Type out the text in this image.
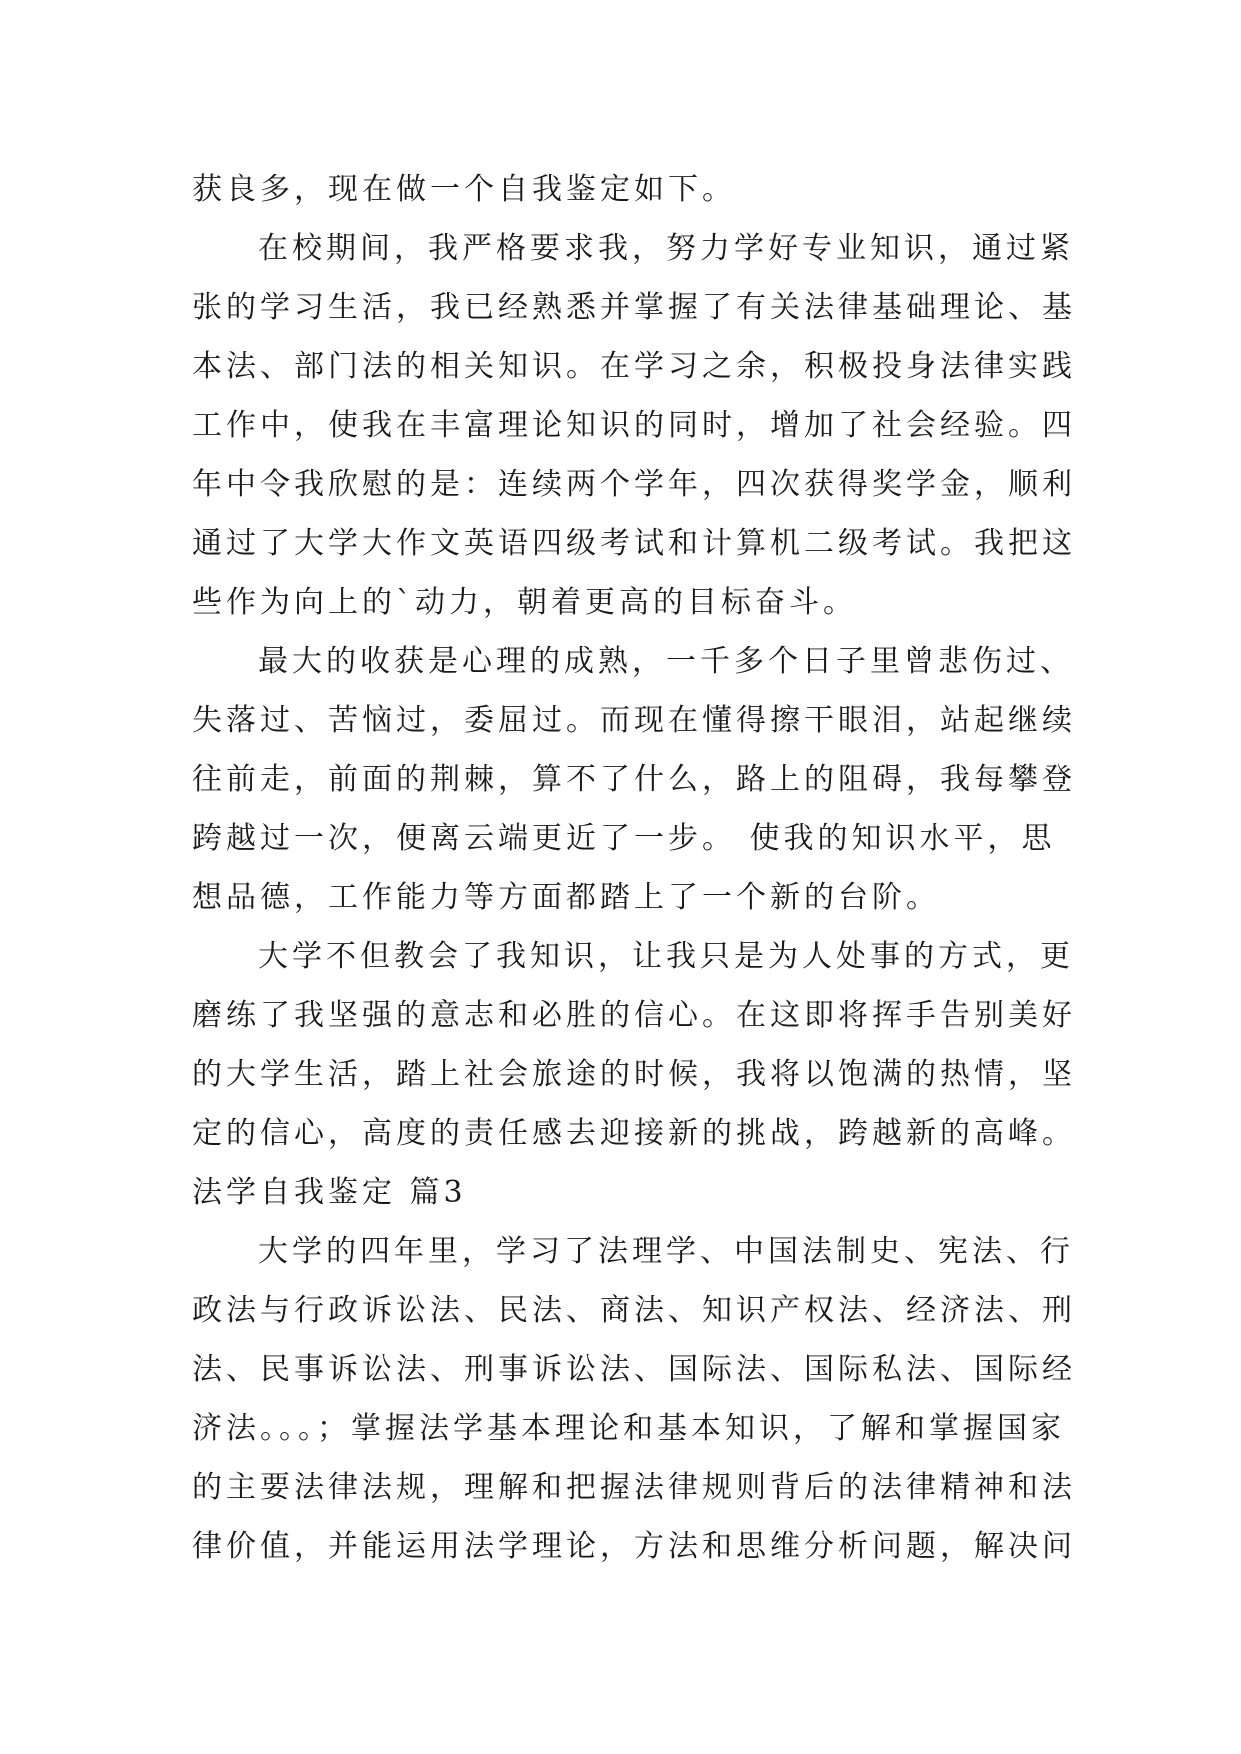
获良多，现在做一个自我鉴定如下。
在校期间，我严格要求我，努力学好专业知识，通过紧
张的学习生活，我已经熟悉并掌握了有关法律基础理论、基
本法、部门法的相关知识。在学习之余，积极投身法律实践
工作中，使我在丰富理论知识的同时，增加了社会经验。四
年中令我欣慰的是：连续两个学年，四次获得奖学金，顺利
通过了大学大作文英语四级考试和计算机二级考试。我把这
些作为向上的`动力，朝着更高的目标奋斗。
最大的收获是心理的成熟，一千多个日子里曾悲伤过、
失落过、苦恼过，委屈过。而现在懂得擦干眼泪，站起继续
往前走，前面的荆棘，算不了什么，路上的阻碍，我每攀登
跨越过一次，便离云端更近了一步。 使我的知识水平，思
想品德，工作能力等方面都踏上了一个新的台阶。
大学不但教会了我知识，让我只是为人处事的方式，更
磨练了我坚强的意志和必胜的信心。在这即将挥手告别美好
的大学生活，踏上社会旅途的时候，我将以饱满的热情，坚
定的信心，高度的责任感去迎接新的挑战，跨越新的高峰。
法学自我鉴定 篇3
大学的四年里，学习了法理学、中国法制史、宪法、行
政法与行政诉讼法、民法、商法、知识产权法、经济法、刑
法、民事诉讼法、刑事诉讼法、国际法、国际私法、国际经
济法。。。；掌握法学基本理论和基本知识，了解和掌握国家
的主要法律法规，理解和把握法律规则背后的法律精神和法
律价值，并能运用法学理论，方法和思维分析问题，解决问
